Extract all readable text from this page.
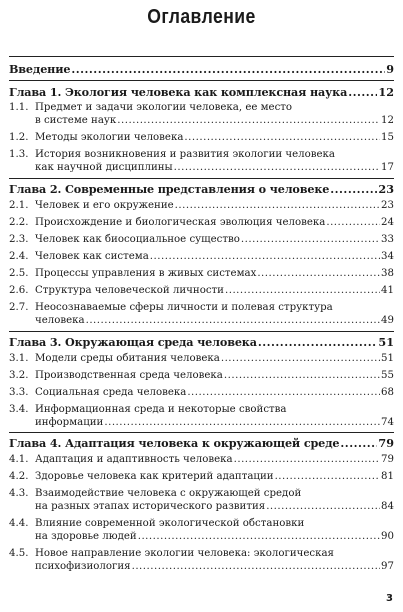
Оглавление
Введение .....	9
Глава 1. Экология человека как комплексная наука .....	12
1.1. Предмет и задачи экологии человека, ее место
в системе наук .....	12
1.2. Методы экологии человека .....	15
1.3. История возникновения и развития экологии человека
как научной дисциплины .....	17
Глава 2. Современные представления о человеке .....	23
2.1. Человек и его окружение .....	23
2.2. Происхождение и биологическая эволюция человека .....	24
2.3. Человек как биосоциальное существо .....	33
2.4. Человек как система .....	34
2.5. Процессы управления в живых системах .....	38
2.6. Структура человеческой личности .....	41
2.7. Неосознаваемые сферы личности и полевая структура
человека .....	49
Глава 3. Окружающая среда человека .....	51
3.1. Модели среды обитания человека .....	51
3.2. Производственная среда человека .....	55
3.3. Социальная среда человека .....	68
3.4. Информационная среда и некоторые свойства
информации .....	74
Глава 4. Адаптация человека к окружающей среде .....	79
4.1. Адаптация и адаптивность человека .....	79
4.2. Здоровье человека как критерий адаптации .....	81
4.3. Взаимодействие человека с окружающей средой
на разных этапах исторического развития .....	84
4.4. Влияние современной экологической обстановки
на здоровье людей .....	90
4.5. Новое направление экологии человека: экологическая
психофизиология .....	97
3
